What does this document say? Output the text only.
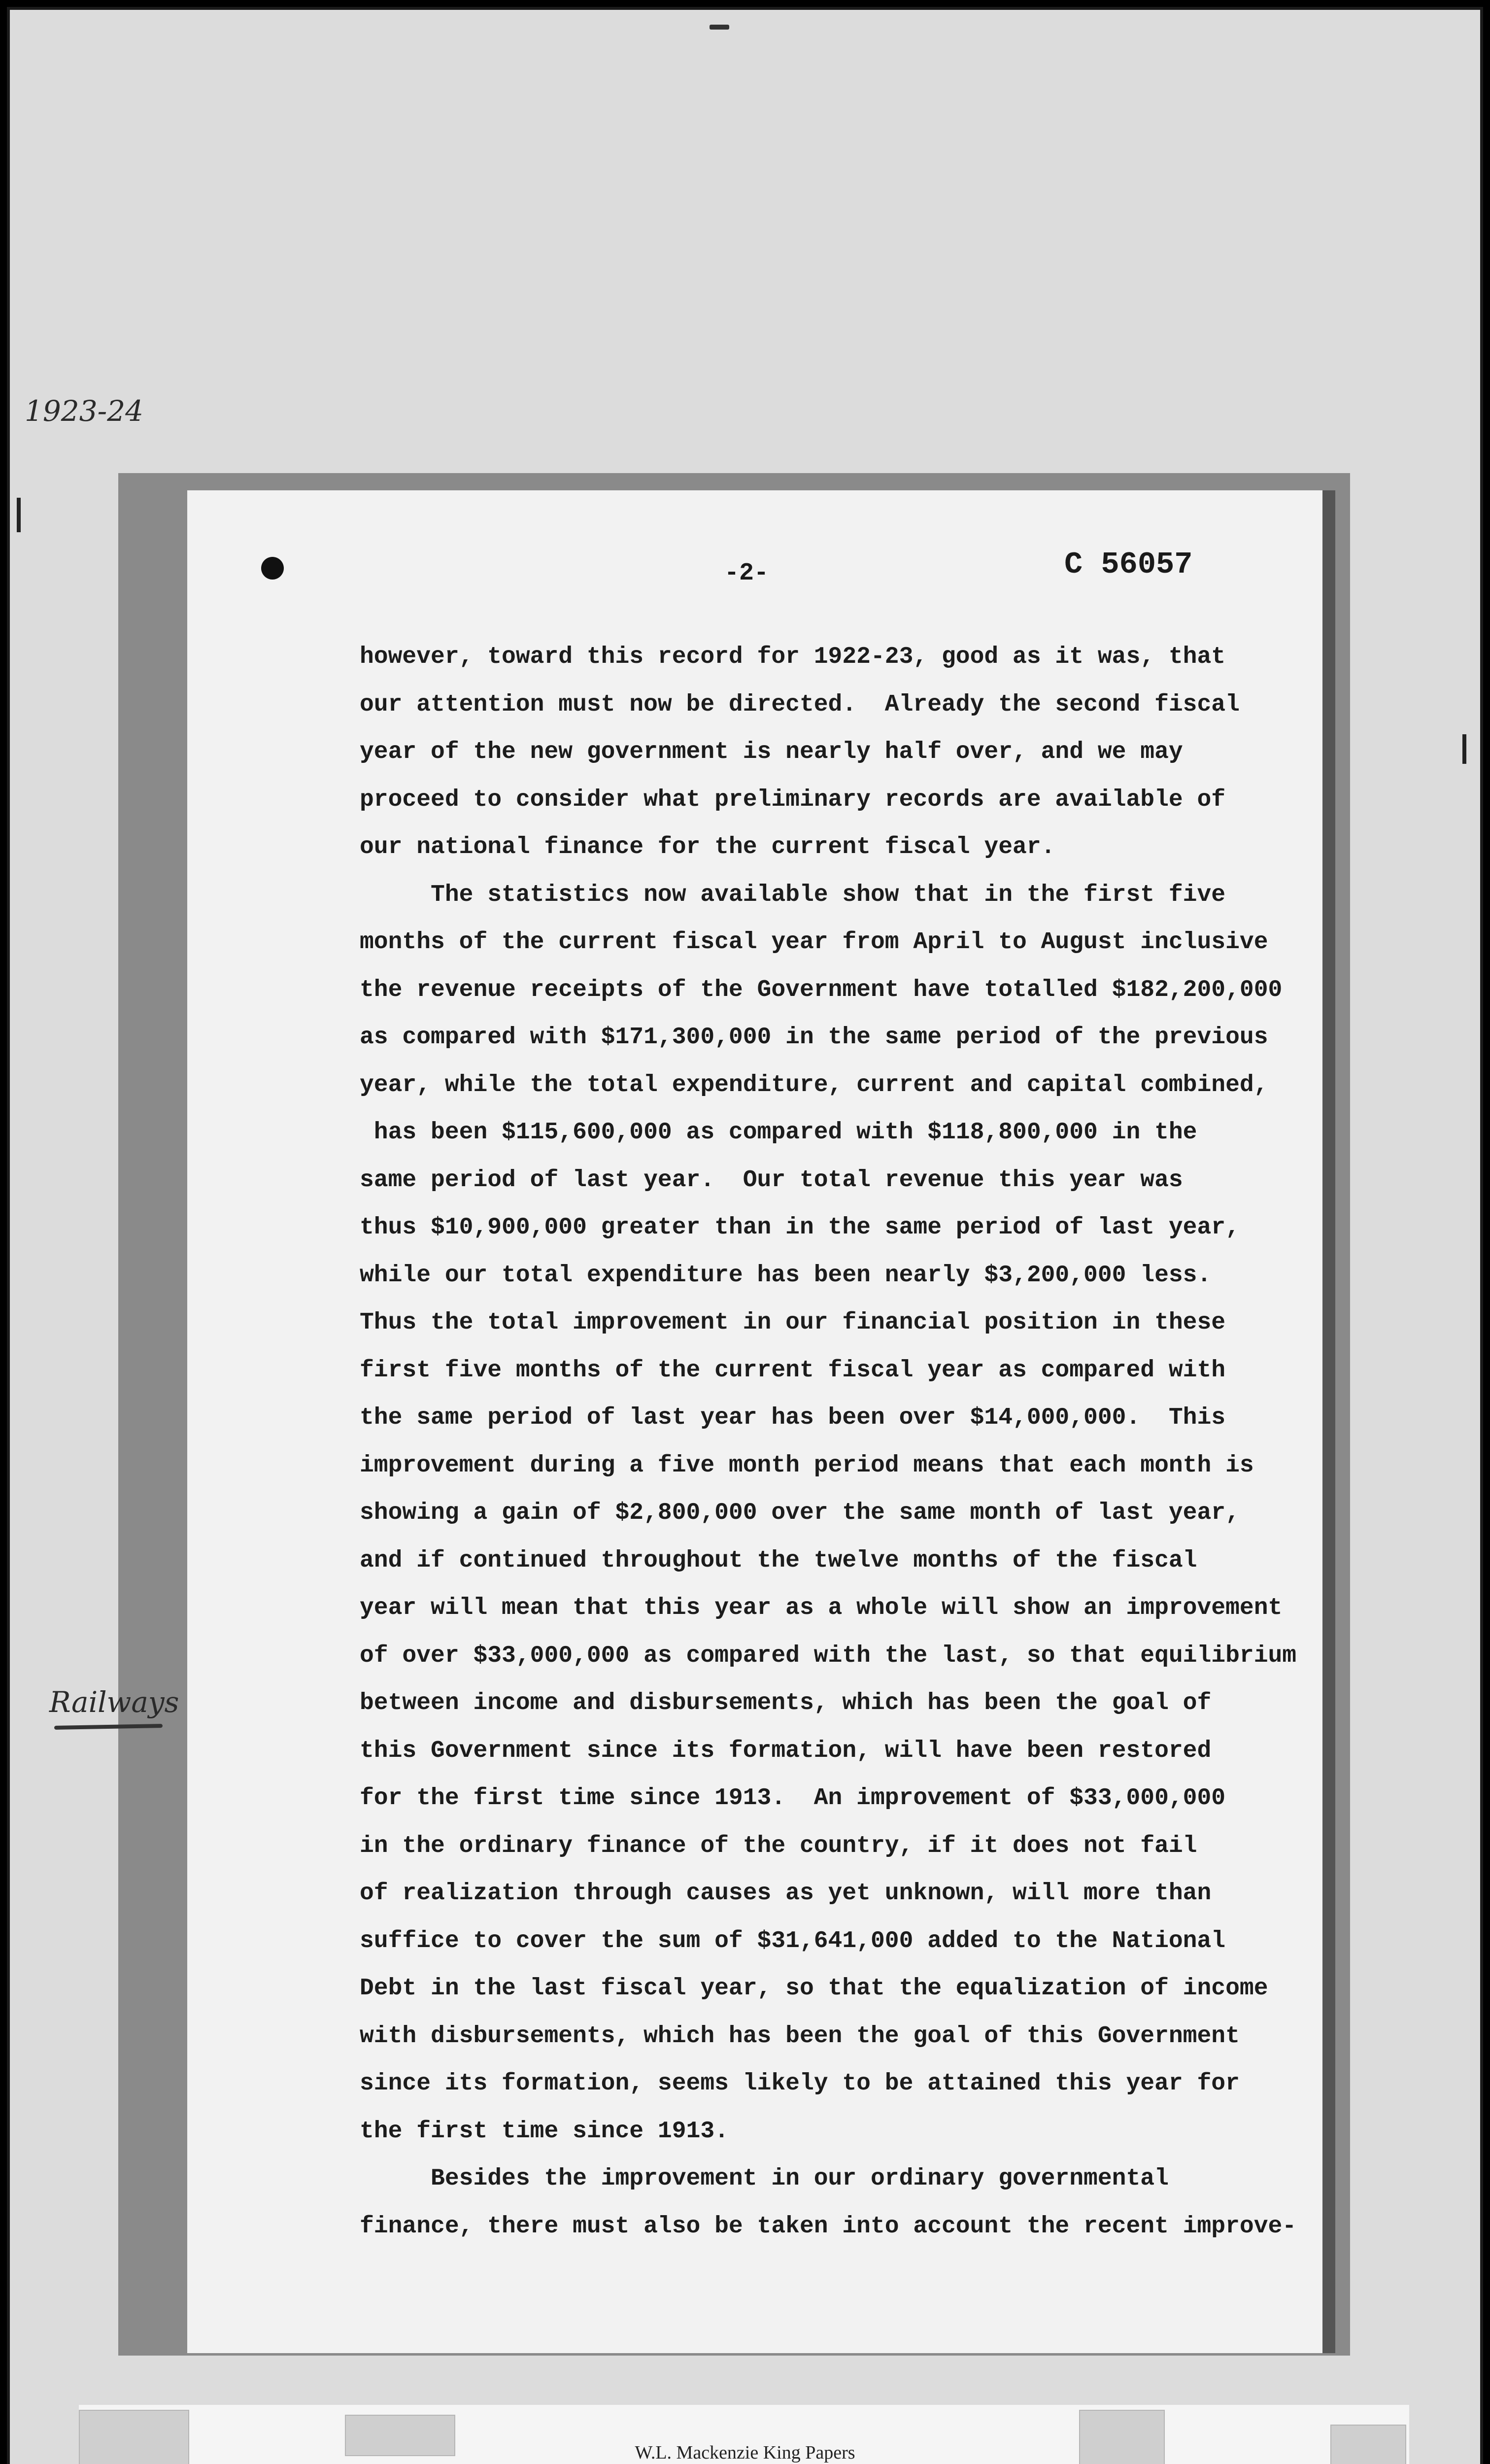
-2-	C 56057
however, toward this record for 1922-23, good as it was, that
our attention must now be directed.  Already the second fiscal
year of the new government is nearly half over, and we may
proceed to consider what preliminary records are available of
our national finance for the current fiscal year.
The statistics now available show that in the first five
months of the current fiscal year from April to August inclusive
the revenue receipts of the Government have totalled $182,200,000
as compared with $171,300,000 in the same period of the previous
year, while the total expenditure, current and capital combined,
has been $115,600,000 as compared with $118,800,000 in the
same period of last year.  Our total revenue this year was
thus $10,900,000 greater than in the same period of last year,
while our total expenditure has been nearly $3,200,000 less.
Thus the total improvement in our financial position in these
first five months of the current fiscal year as compared with
the same period of last year has been over $14,000,000.  This
improvement during a five month period means that each month is
showing a gain of $2,800,000 over the same month of last year,
and if continued throughout the twelve months of the fiscal
year will mean that this year as a whole will show an improvement
of over $33,000,000 as compared with the last, so that equilibrium
between income and disbursements, which has been the goal of
this Government since its formation, will have been restored
for the first time since 1913.  An improvement of $33,000,000
in the ordinary finance of the country, if it does not fail
of realization through causes as yet unknown, will more than
suffice to cover the sum of $31,641,000 added to the National
Debt in the last fiscal year, so that the equalization of income
with disbursements, which has been the goal of this Government
since its formation, seems likely to be attained this year for
the first time since 1913.
Besides the improvement in our ordinary governmental
finance, there must also be taken into account the recent improve-
1923-24
Railways
W.L. Mackenzie King Papers
